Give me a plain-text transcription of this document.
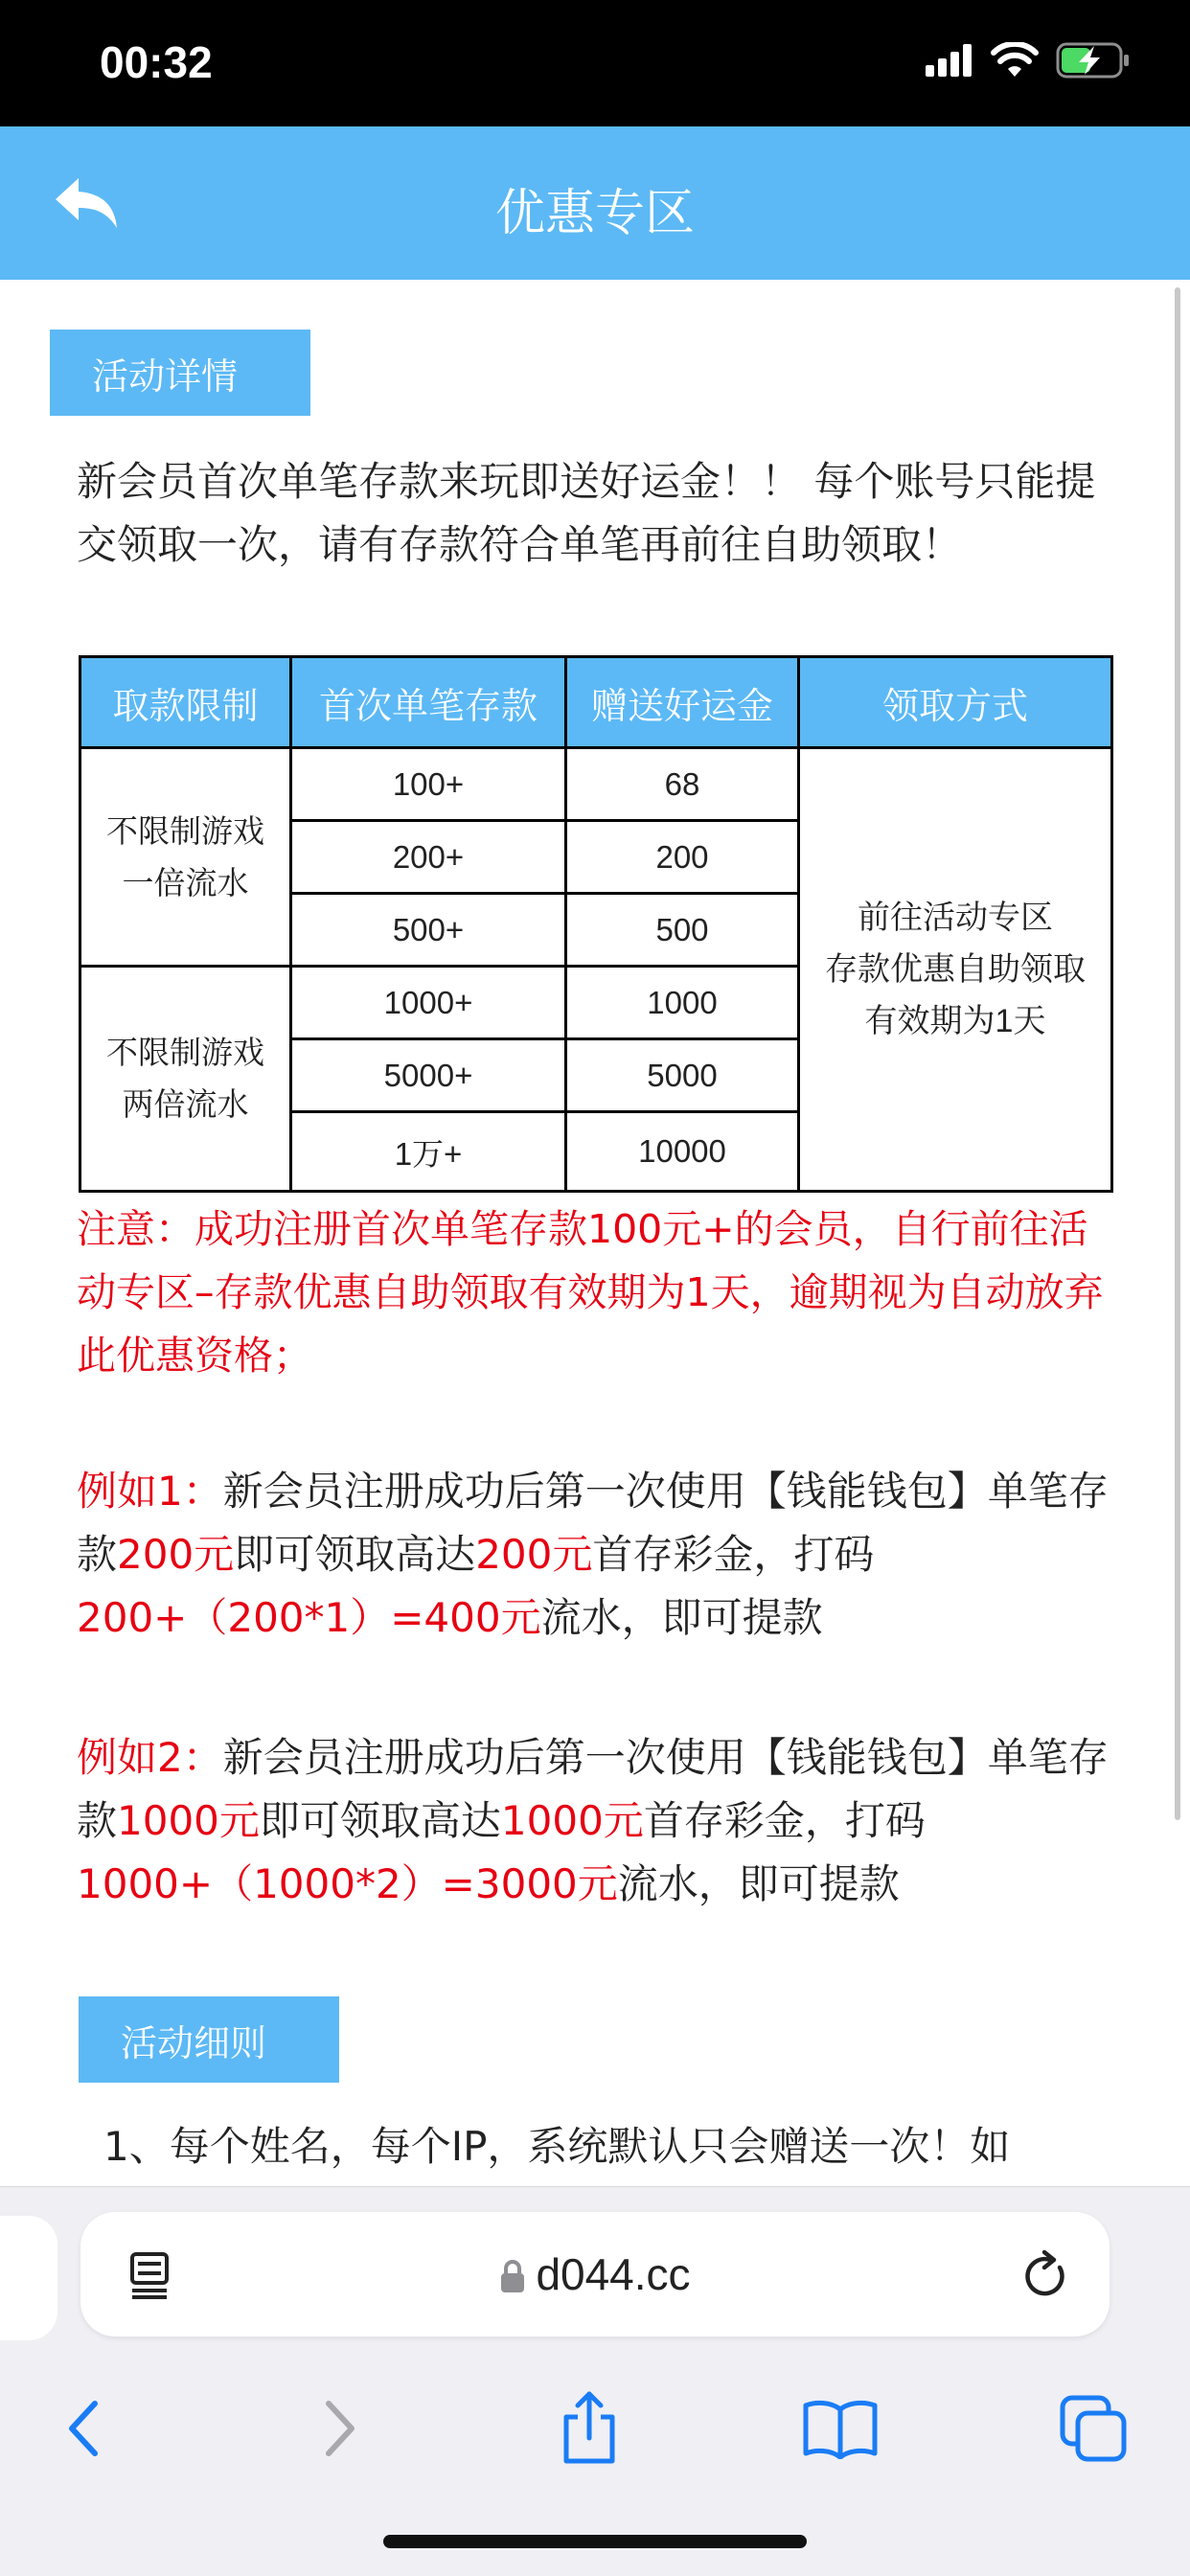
00:32
优惠专区
活动详情
新会员首次单笔存款来玩即送好运金！！ 每个账号只能提交领取一次，请有存款符合单笔再前往自助领取！
取款限制	首次单笔存款	赠送好运金	领取方式
不限制游戏
一倍流水	100+	68	前往活动专区
存款优惠自助领取
有效期为1天
	200+	200	
	500+	500	
不限制游戏
两倍流水	1000+	1000	
	5000+	5000	
	1万+	10000	
注意：成功注册首次单笔存款100元+的会员，自行前往活动专区–存款优惠自助领取有效期为1天，逾期视为自动放弃此优惠资格；
例如1：新会员注册成功后第一次使用【钱能钱包】单笔存款200元即可领取高达200元首存彩金，打码
200+（200*1）=400元流水，即可提款
例如2：新会员注册成功后第一次使用【钱能钱包】单笔存款1000元即可领取高达1000元首存彩金，打码
1000+（1000*2）=3000元流水，即可提款
活动细则
1、每个姓名，每个IP，系统默认只会赠送一次！如
d044.cc
